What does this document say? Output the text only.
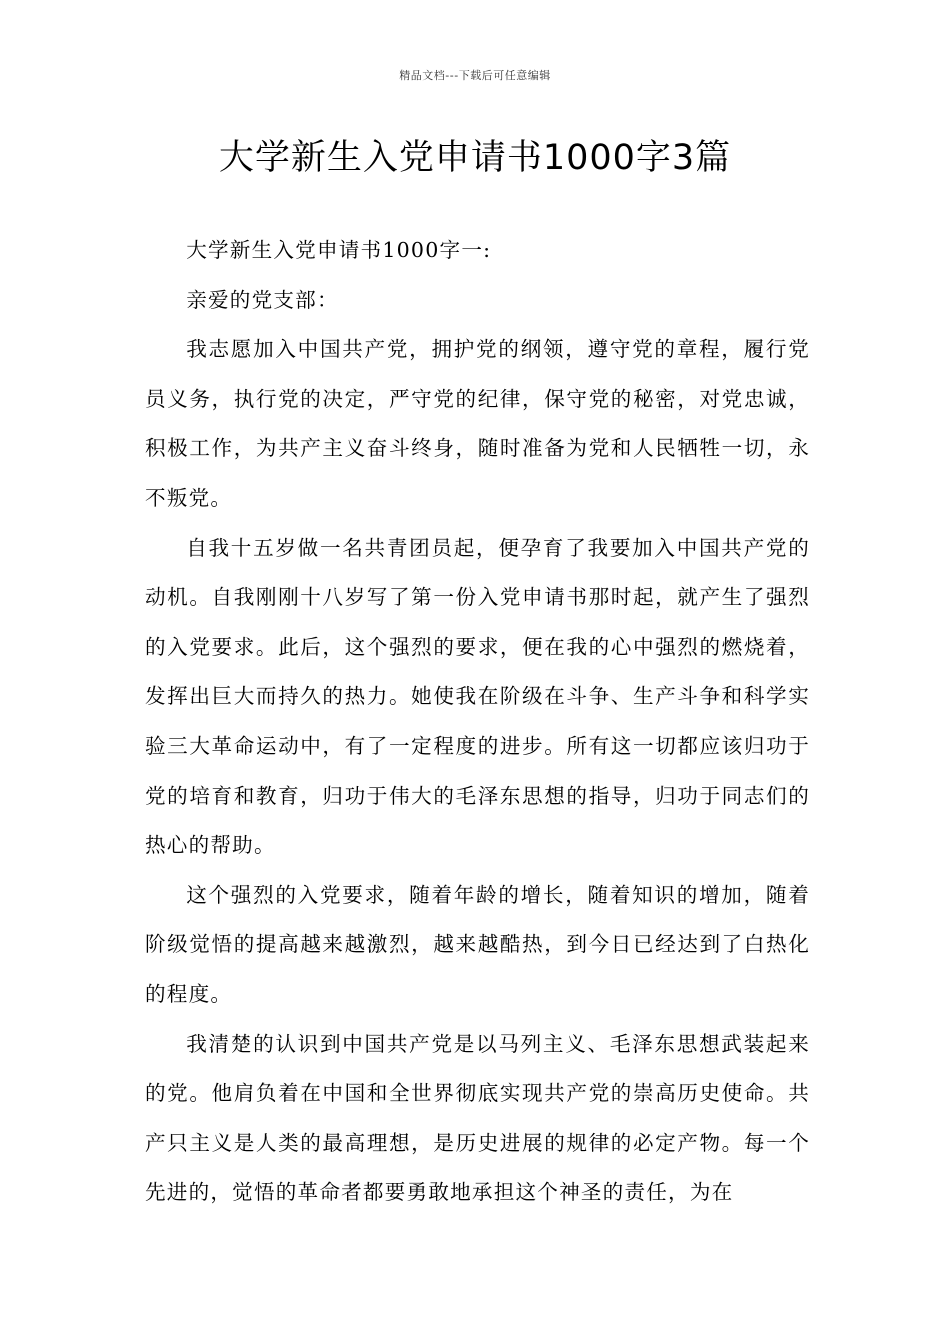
精品文档---下载后可任意编辑
大学新生入党申请书1000字3篇

大学新生入党申请书1000字一:

亲爱的党支部：

我志愿加入中国共产党，拥护党的纲领，遵守党的章程，履行党员义务，执行党的决定，严守党的纪律，保守党的秘密，对党忠诚，积极工作，为共产主义奋斗终身，随时准备为党和人民牺牲一切，永不叛党。

自我十五岁做一名共青团员起，便孕育了我要加入中国共产党的动机。自我刚刚十八岁写了第一份入党申请书那时起，就产生了强烈的入党要求。此后，这个强烈的要求，便在我的心中强烈的燃烧着，发挥出巨大而持久的热力。她使我在阶级在斗争、生产斗争和科学实验三大革命运动中，有了一定程度的进步。所有这一切都应该归功于党的培育和教育，归功于伟大的毛泽东思想的指导，归功于同志们的热心的帮助。

这个强烈的入党要求，随着年龄的增长，随着知识的增加，随着阶级觉悟的提高越来越激烈，越来越酷热，到今日已经达到了白热化的程度。

我清楚的认识到中国共产党是以马列主义、毛泽东思想武装起来的党。他肩负着在中国和全世界彻底实现共产党的崇高历史使命。共产只主义是人类的最高理想，是历史进展的规律的必定产物。每一个先进的，觉悟的革命者都要勇敢地承担这个神圣的责任，为在
